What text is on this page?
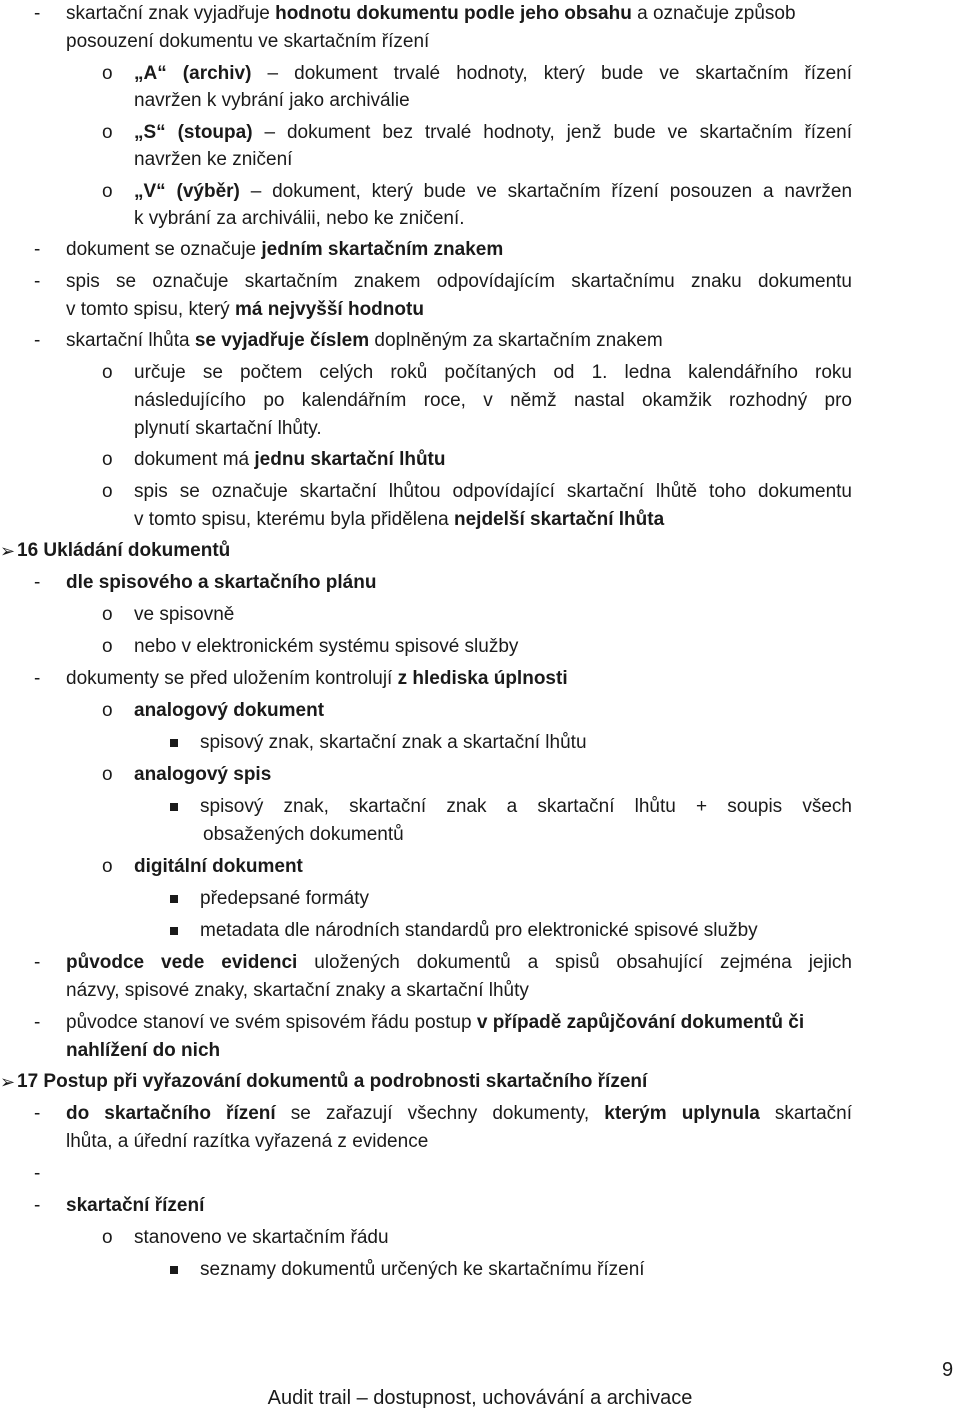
- skartační znak vyjadřuje hodnotu dokumentu podle jeho obsahu a označuje způsob
posouzení dokumentu ve skartačním řízení
o „A“ (archiv) – dokument trvalé hodnoty, který bude ve skartačním řízení
navržen k vybrání jako archiválie
o „S“ (stoupa) – dokument bez trvalé hodnoty, jenž bude ve skartačním řízení
navržen ke zničení
o „V“ (výběr) – dokument, který bude ve skartačním řízení posouzen a navržen
k vybrání za archiválii, nebo ke zničení.
- dokument se označuje jedním skartačním znakem
- spis se označuje skartačním znakem odpovídajícím skartačnímu znaku dokumentu
v tomto spisu, který má nejvyšší hodnotu
- skartační lhůta se vyjadřuje číslem doplněným za skartačním znakem
o určuje se počtem celých roků počítaných od 1. ledna kalendářního roku
následujícího po kalendářním roce, v němž nastal okamžik rozhodný pro
plynutí skartační lhůty.
o dokument má jednu skartační lhůtu
o spis se označuje skartační lhůtou odpovídající skartační lhůtě toho dokumentu
v tomto spisu, kterému byla přidělena nejdelší skartační lhůta
➢ 16 Ukládání dokumentů
- dle spisového a skartačního plánu
o ve spisovně
o nebo v elektronickém systému spisové služby
- dokumenty se před uložením kontrolují z hlediska úplnosti
o analogový dokument
spisový znak, skartační znak a skartační lhůtu
o analogový spis
spisový znak, skartační znak a skartační lhůtu + soupis všech
obsažených dokumentů
o digitální dokument
předepsané formáty
metadata dle národních standardů pro elektronické spisové služby
- původce vede evidenci uložených dokumentů a spisů obsahující zejména jejich
názvy, spisové znaky, skartační znaky a skartační lhůty
- původce stanoví ve svém spisovém řádu postup v případě zapůjčování dokumentů či
nahlížení do nich
➢ 17 Postup při vyřazování dokumentů a podrobnosti skartačního řízení
- do skartačního řízení se zařazují všechny dokumenty, kterým uplynula skartační
lhůta, a úřední razítka vyřazená z evidence
-
- skartační řízení
o stanoveno ve skartačním řádu
seznamy dokumentů určených ke skartačnímu řízení
9
Audit trail – dostupnost, uchovávání a archivace
